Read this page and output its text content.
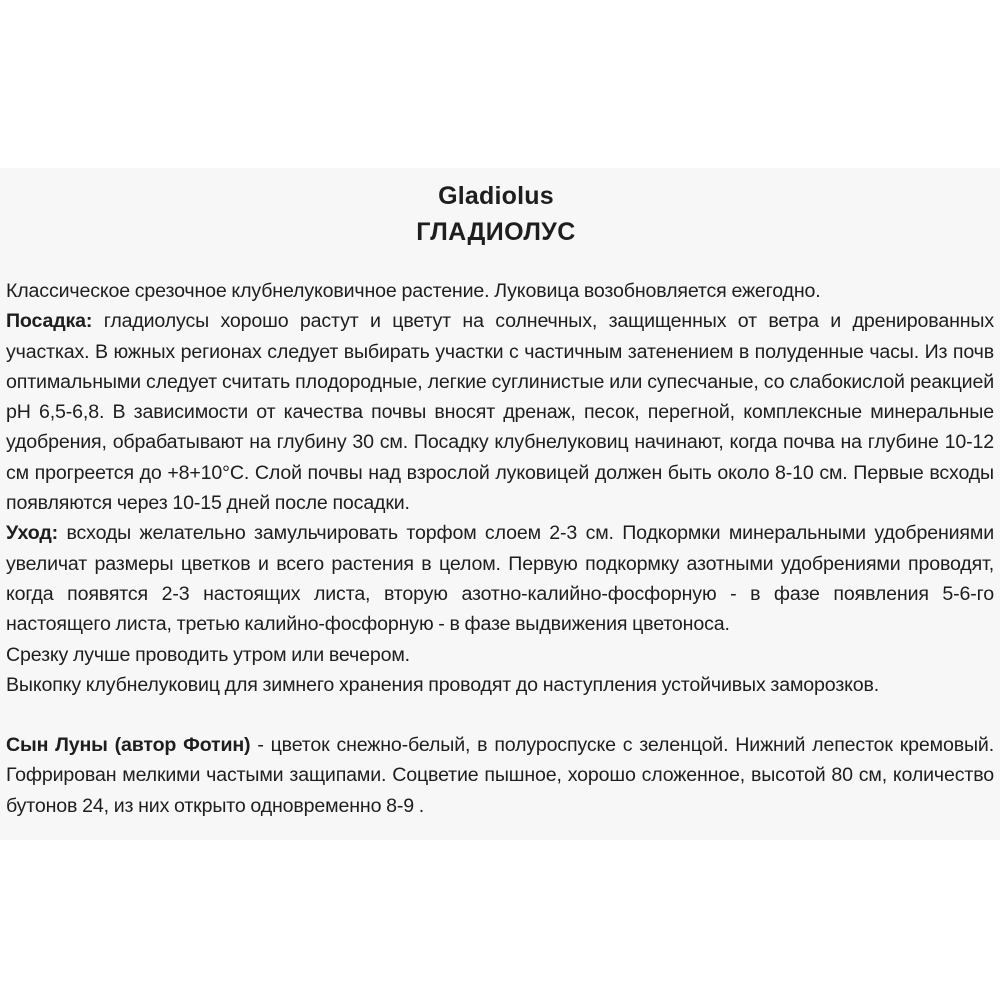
Gladiolus
ГЛАДИОЛУС

Классическое срезочное клубнелуковичное растение. Луковица возобновляется ежегодно.

Посадка: гладиолусы хорошо растут и цветут на солнечных, защищенных от ветра и дренированных участках. В южных регионах следует выбирать участки с частичным затенением в полуденные часы. Из почв оптимальными следует считать плодородные, легкие суглинистые или супесчаные, со слабокислой реакцией pH 6,5-6,8. В зависимости от качества почвы вносят дренаж, песок, перегной, комплексные минеральные удобрения, обрабатывают на глубину 30 см. Посадку клубнелуковиц начинают, когда почва на глубине 10-12 см прогреется до +8+10°С. Слой почвы над взрослой луковицей должен быть около 8-10 см. Первые всходы появляются через 10-15 дней после посадки.

Уход: всходы желательно замульчировать торфом слоем 2-3 см. Подкормки минеральными удобрениями увеличат размеры цветков и всего растения в целом. Первую подкормку азотными удобрениями проводят, когда появятся 2-3 настоящих листа, вторую азотно-калийно-фосфорную - в фазе появления 5-6-го настоящего листа, третью калийно-фосфорную - в фазе выдвижения цветоноса.

Срезку лучше проводить утром или вечером.

Выкопку клубнелуковиц для зимнего хранения проводят до наступления устойчивых заморозков.

Сын Луны (автор Фотин) - цветок снежно-белый, в полуроспуске с зеленцой. Нижний лепесток кремовый. Гофрирован мелкими частыми защипами. Соцветие пышное, хорошо сложенное, высотой 80 см, количество бутонов 24, из них открыто одновременно 8-9 .
